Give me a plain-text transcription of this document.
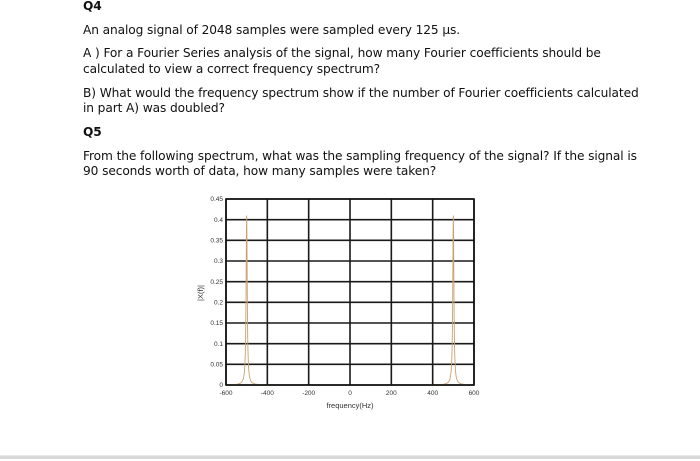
Q4
An analog signal of 2048 samples were sampled every 125 µs.
A ) For a Fourier Series analysis of the signal, how many Fourier coefficients should be
calculated to view a correct frequency spectrum?
B) What would the frequency spectrum show if the number of Fourier coefficients calculated
in part A) was doubled?
Q5
From the following spectrum, what was the sampling frequency of the signal? If the signal is
90 seconds worth of data, how many samples were taken?
0
0.05
0.1
0.15
0.2
0.25
0.3
0.35
0.4
0.45
-600	-400	-200	0	200	400	600
frequency(Hz)
|X(f)|
